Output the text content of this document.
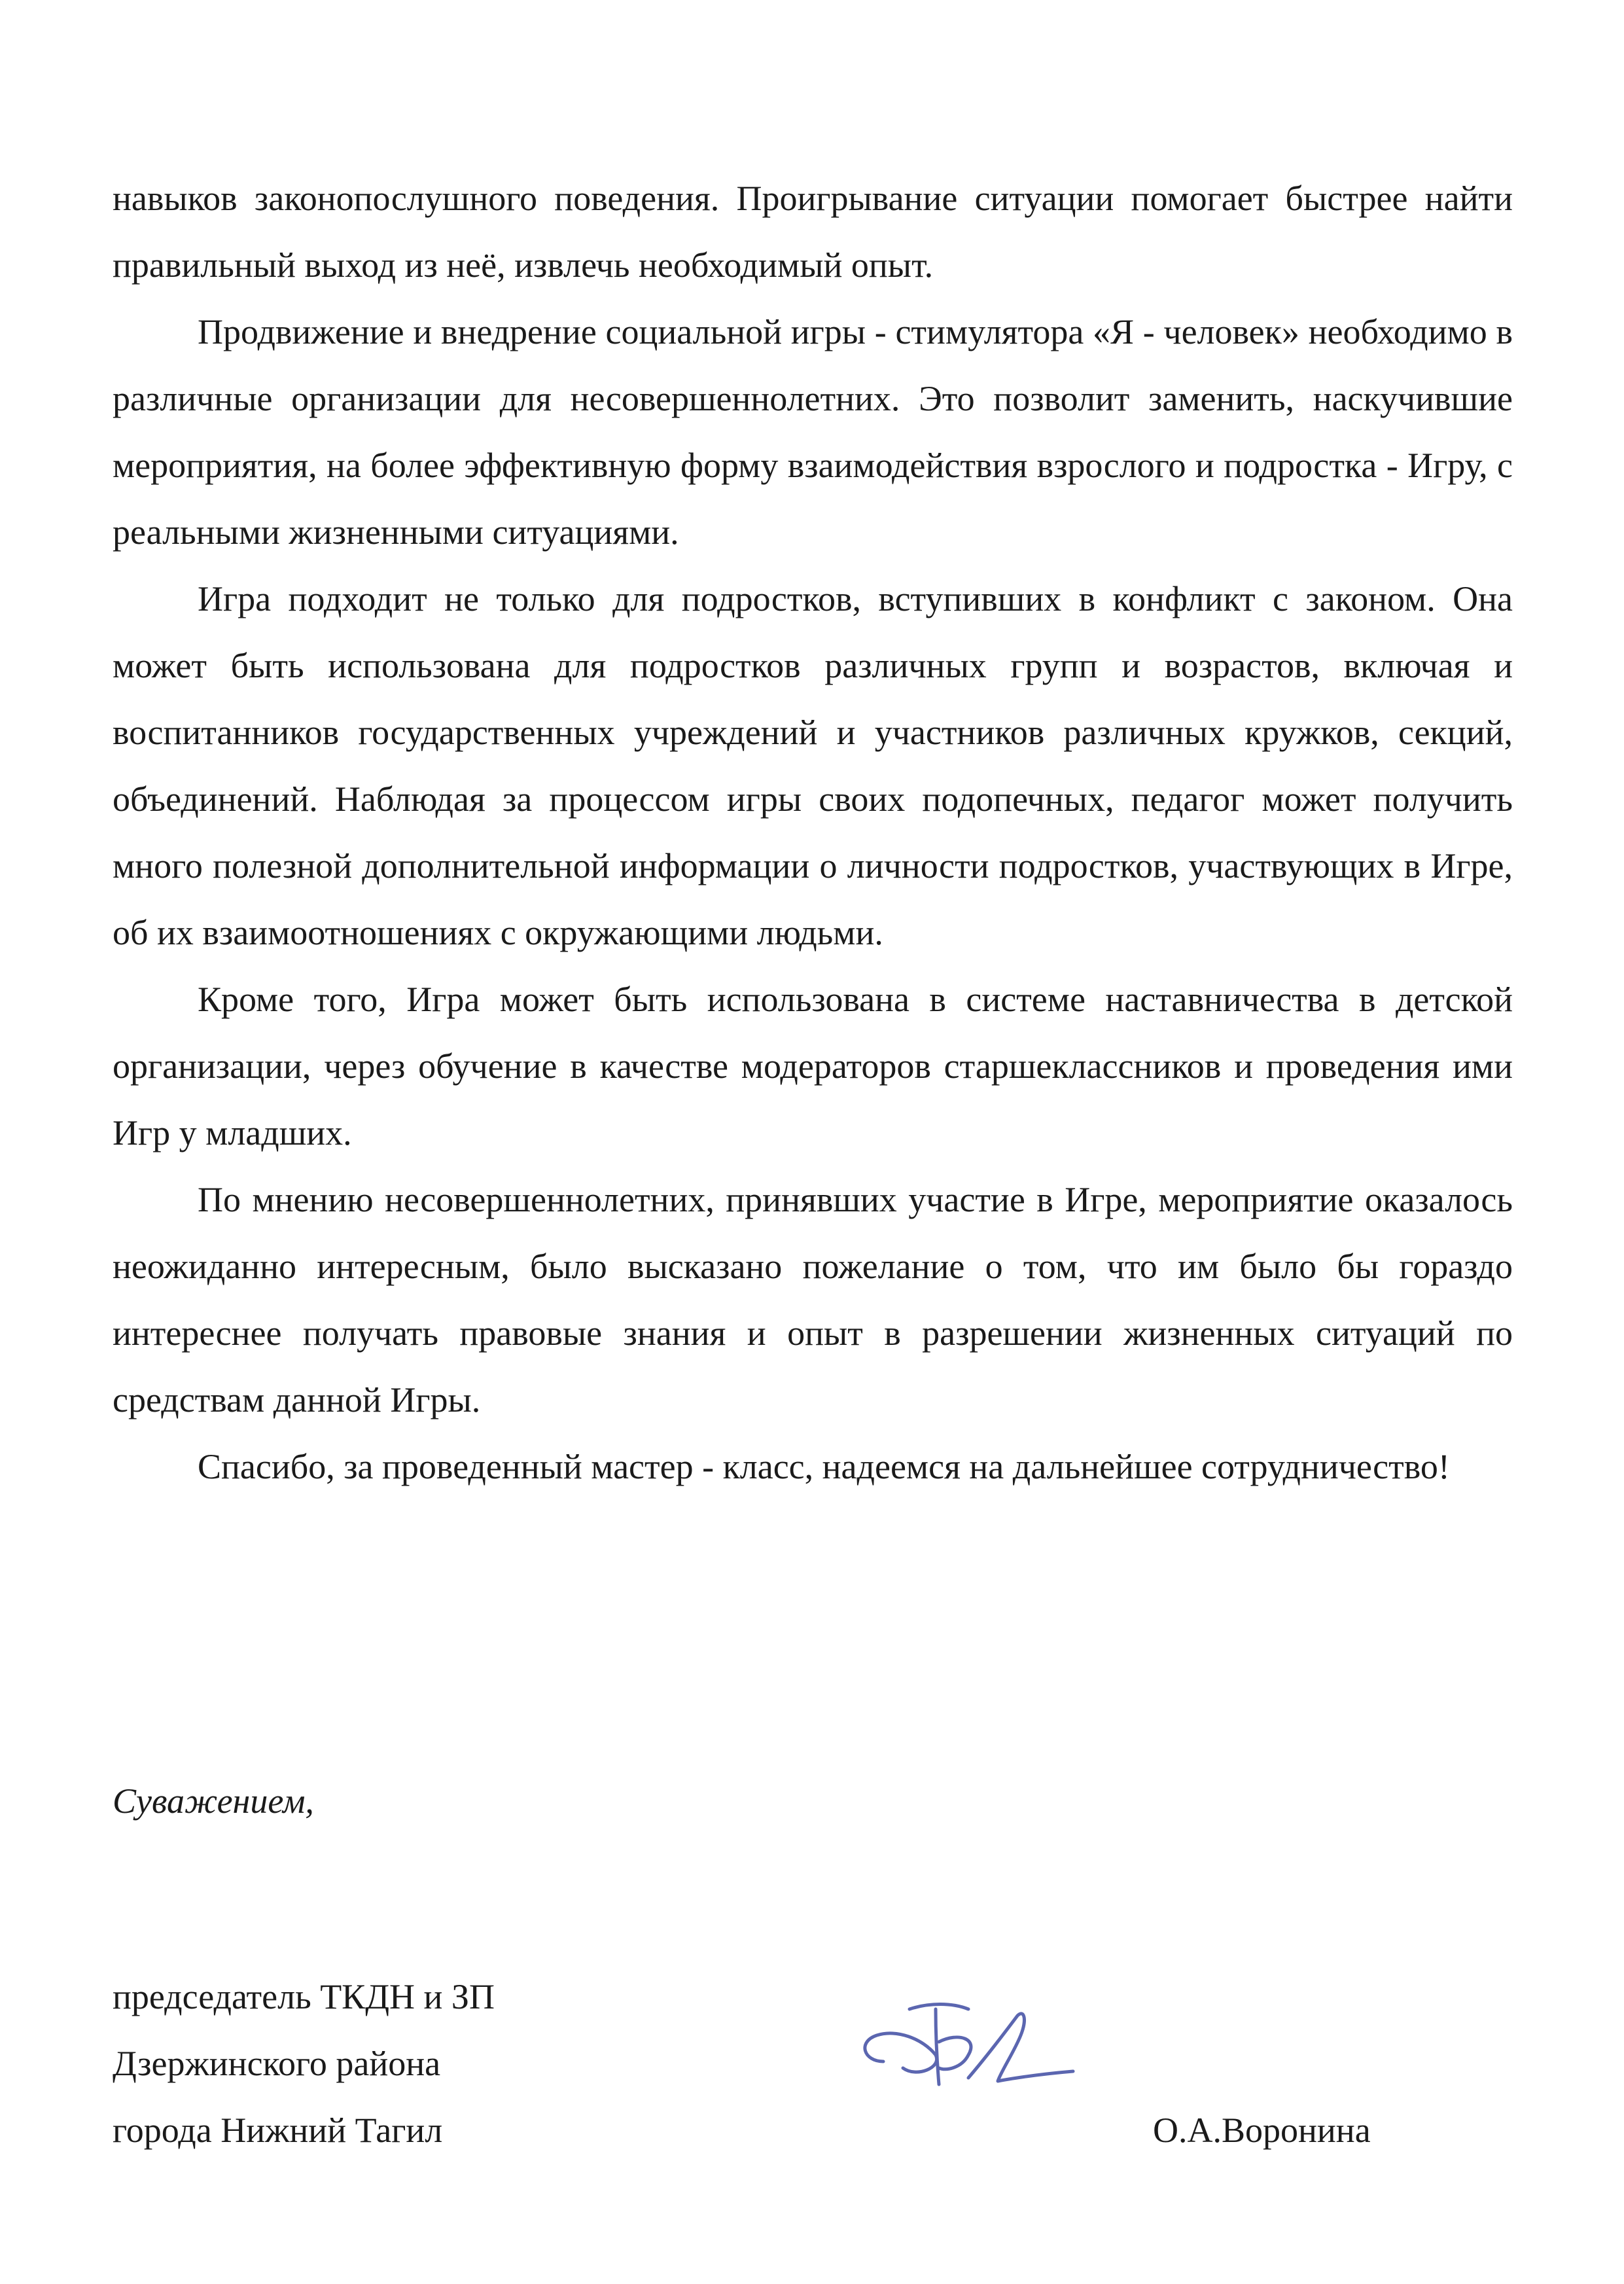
навыков законопослушного поведения. Проигрывание ситуации помогает быстрее найти правильный выход из неё, извлечь необходимый опыт.

Продвижение и внедрение социальной игры - стимулятора «Я - человек» необходимо в различные организации для несовершеннолетних. Это позволит заменить, наскучившие мероприятия, на более эффективную форму взаимодействия взрослого и подростка - Игру, с реальными жизненными ситуациями.

Игра подходит не только для подростков, вступивших в конфликт с законом. Она может быть использована для подростков различных групп и возрастов, включая и воспитанников государственных учреждений и участников различных кружков, секций, объединений. Наблюдая за процессом игры своих подопечных, педагог может получить много полезной дополнительной информации о личности подростков, участвующих в Игре, об их взаимоотношениях с окружающими людьми.

Кроме того, Игра может быть использована в системе наставничества в детской организации, через обучение в качестве модераторов старшеклассников и проведения ими Игр у младших.

По мнению несовершеннолетних, принявших участие в Игре, мероприятие оказалось неожиданно интересным, было высказано пожелание о том, что им было бы гораздо интереснее получать правовые знания и опыт в разрешении жизненных ситуаций по средствам данной Игры.

Спасибо, за проведенный мастер - класс, надеемся на дальнейшее сотрудничество!

Суважением,
председатель ТКДН и ЗП
Дзержинского района
города Нижний Тагил	О.А.Воронина
